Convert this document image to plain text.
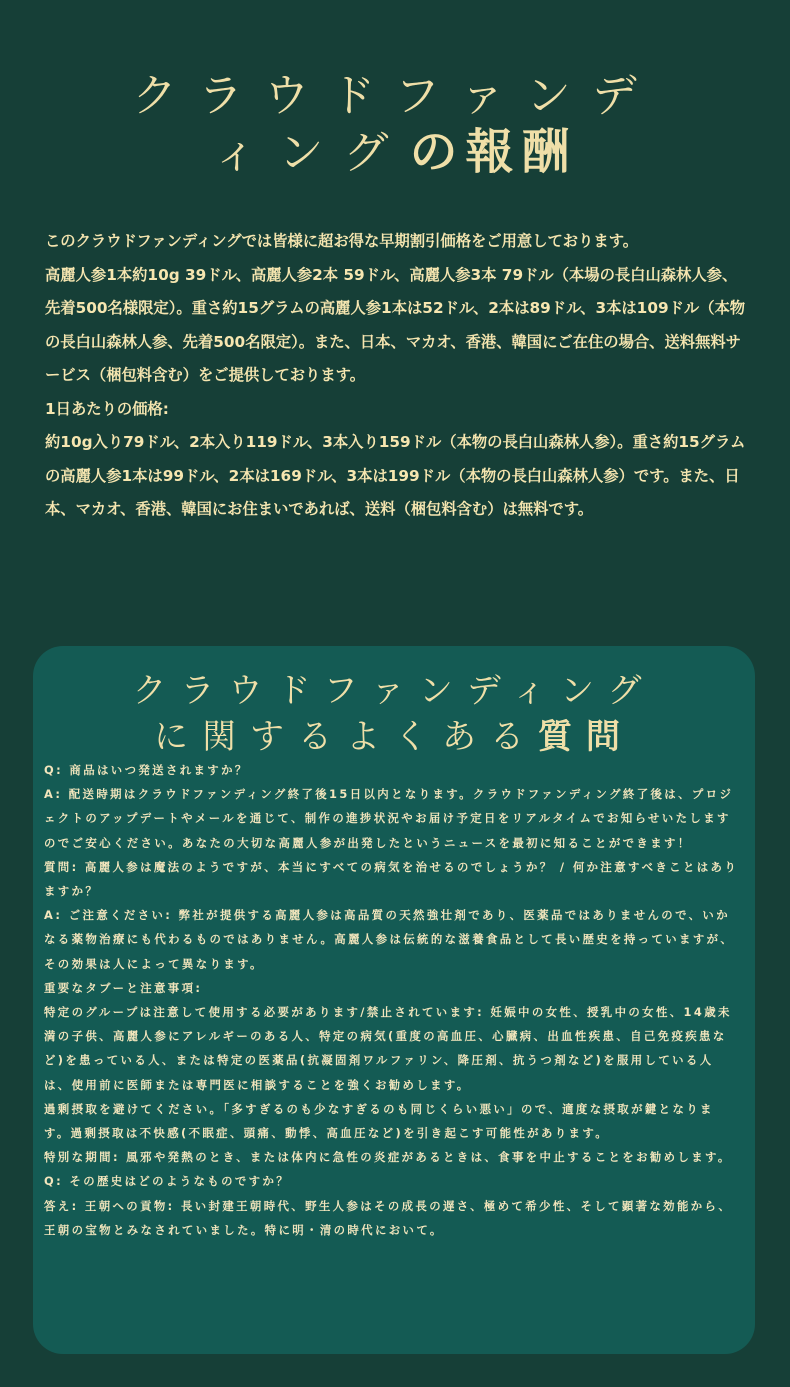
クラウドファンデ
ィングの報酬

このクラウドファンディングでは皆様に超お得な早期割引価格をご用意しております。

高麗人参1本約10g 39ドル、高麗人参2本 59ドル、高麗人参3本 79ドル（本場の長白山森林人参、先着500名様限定）。重さ約15グラムの高麗人参1本は52ドル、2本は89ドル、3本は109ドル（本物の長白山森林人参、先着500名限定）。また、日本、マカオ、香港、韓国にご在住の場合、送料無料サービス（梱包料含む）をご提供しております。

1日あたりの価格:

約10g入り79ドル、2本入り119ドル、3本入り159ドル（本物の長白山森林人参）。重さ約15グラムの高麗人参1本は99ドル、2本は169ドル、3本は199ドル（本物の長白山森林人参）です。また、日本、マカオ、香港、韓国にお住まいであれば、送料（梱包料含む）は無料です。

クラウドファンディング
に関するよくある質問

Q: 商品はいつ発送されますか？

A: 配送時期はクラウドファンディング終了後15日以内となります。クラウドファンディング終了後は、プロジェクトのアップデートやメールを通じて、制作の進捗状況やお届け予定日をリアルタイムでお知らせいたしますのでご安心ください。あなたの大切な高麗人参が出発したというニュースを最初に知ることができます！

質問: 高麗人参は魔法のようですが、本当にすべての病気を治せるのでしょうか？ / 何か注意すべきことはありますか？

A: ご注意ください: 弊社が提供する高麗人参は高品質の天然強壮剤であり、医薬品ではありませんので、いかなる薬物治療にも代わるものではありません。高麗人参は伝統的な滋養食品として長い歴史を持っていますが、その効果は人によって異なります。

重要なタブーと注意事項:

特定のグループは注意して使用する必要があります/禁止されています: 妊娠中の女性、授乳中の女性、14歳未満の子供、高麗人参にアレルギーのある人、特定の病気(重度の高血圧、心臓病、出血性疾患、自己免疫疾患など)を患っている人、または特定の医薬品(抗凝固剤ワルファリン、降圧剤、抗うつ剤など)を服用している人は、使用前に医師または専門医に相談することを強くお勧めします。

過剰摂取を避けてください。「多すぎるのも少なすぎるのも同じくらい悪い」ので、適度な摂取が鍵となります。過剰摂取は不快感(不眠症、頭痛、動悸、高血圧など)を引き起こす可能性があります。

特別な期間: 風邪や発熱のとき、または体内に急性の炎症があるときは、食事を中止することをお勧めします。

Q: その歴史はどのようなものですか？

答え: 王朝への貢物: 長い封建王朝時代、野生人参はその成長の遅さ、極めて希少性、そして顕著な効能から、王朝の宝物とみなされていました。特に明・清の時代において。
